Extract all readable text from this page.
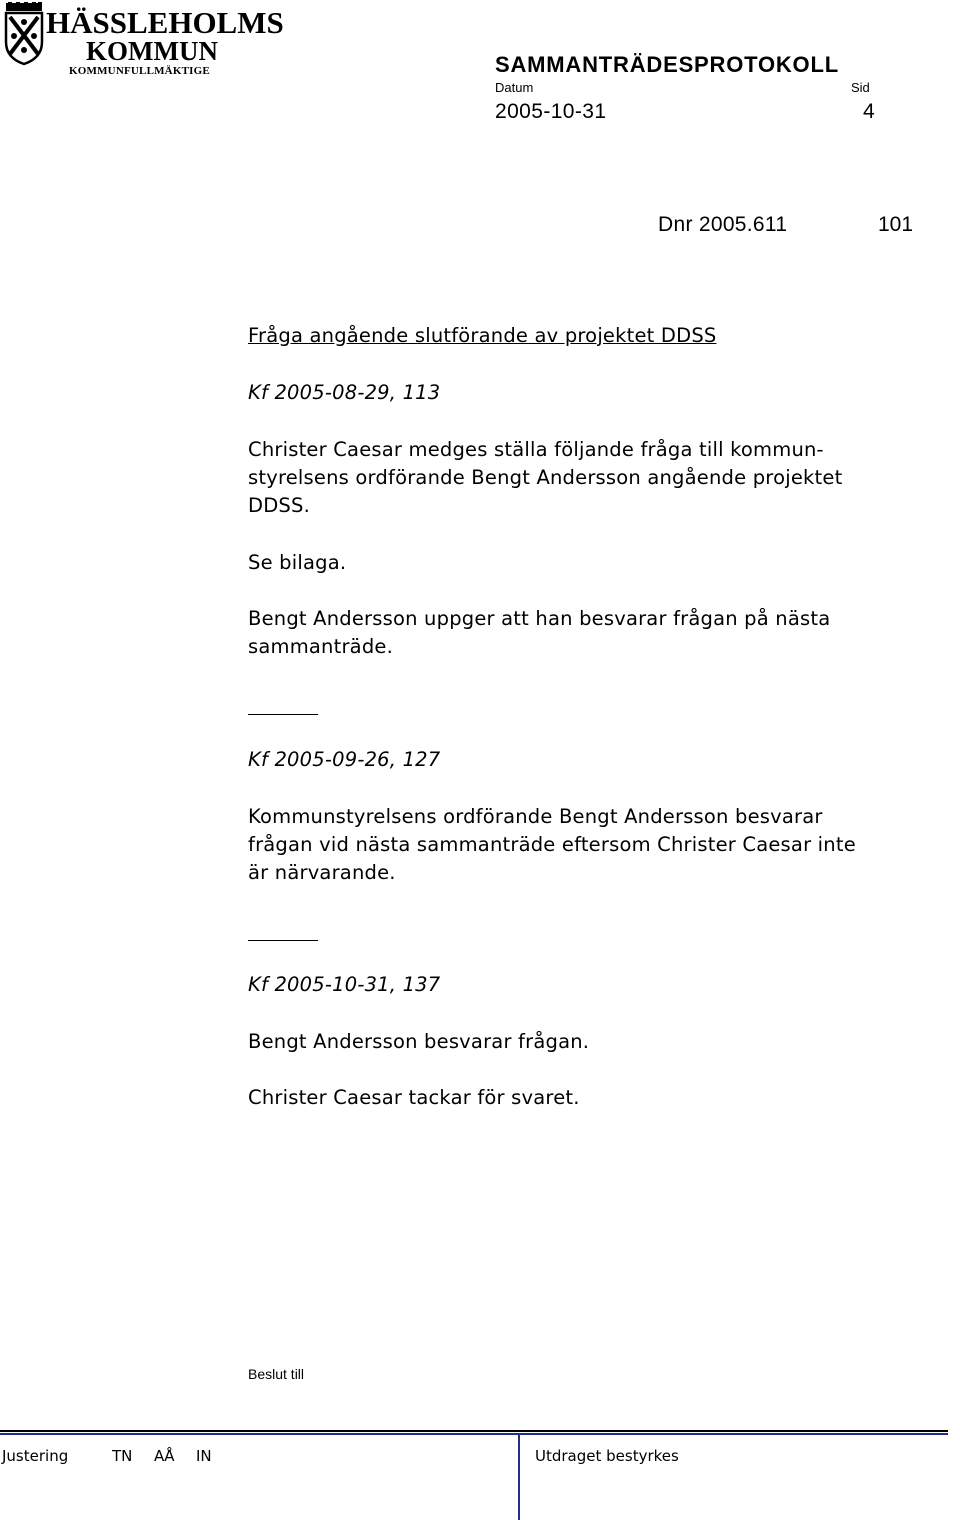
HÄSSLEHOLMS
KOMMUN
KOMMUNFULLMÄKTIGE	SAMMANTRÄDESPROTOKOLL
Datum	Sid
2005-10-31	4
Dnr 2005.611	101
Fråga angående slutförande av projektet DDSS
Kf 2005-08-29, 113
Christer Caesar medges ställa följande fråga till kommun-
styrelsens ordförande Bengt Andersson angående projektet
DDSS.
Se bilaga.
Bengt Andersson uppger att han besvarar frågan på nästa
sammanträde.
Kf 2005-09-26, 127
Kommunstyrelsens ordförande Bengt Andersson besvarar
frågan vid nästa sammanträde eftersom Christer Caesar inte
är närvarande.
Kf 2005-10-31, 137
Bengt Andersson besvarar frågan.
Christer Caesar tackar för svaret.
Beslut till
Justering	TN AÅ IN	Utdraget bestyrkes
